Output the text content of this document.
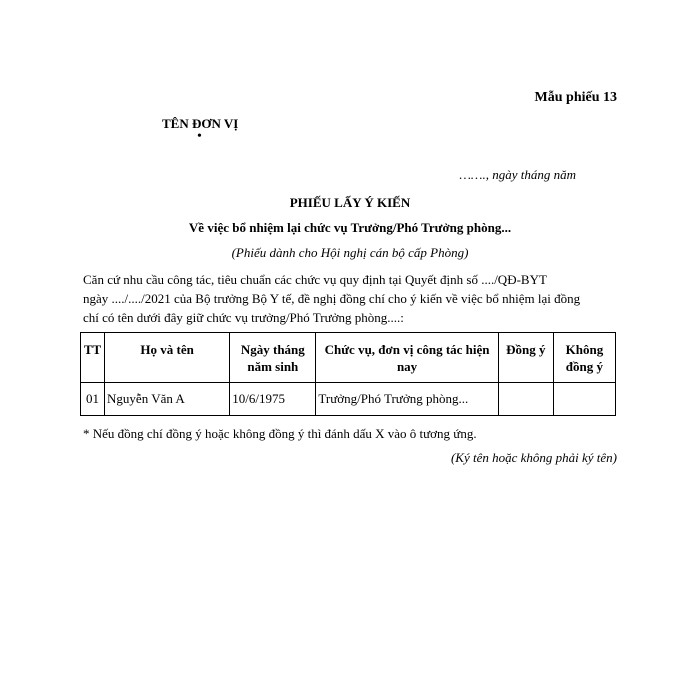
Mẫu phiếu 13
TÊN ĐƠN VỊ
•
……., ngày tháng năm
PHIẾU LẤY Ý KIẾN
Về việc bổ nhiệm lại chức vụ Trưởng/Phó Trưởng phòng...
(Phiếu dành cho Hội nghị cán bộ cấp Phòng)
Căn cứ nhu cầu công tác, tiêu chuẩn các chức vụ quy định tại Quyết định số ..../QĐ-BYT
ngày ..../..../2021 của Bộ trưởng Bộ Y tế, đề nghị đồng chí cho ý kiến về việc bổ nhiệm lại đồng
chí có tên dưới đây giữ chức vụ trưởng/Phó Trưởng phòng....:
TT	Họ và tên	Ngày tháng năm sinh	Chức vụ, đơn vị công tác hiện nay	Đồng ý	Không đồng ý
01	Nguyễn Văn A	10/6/1975	Trưởng/Phó Trưởng phòng...		
* Nếu đồng chí đồng ý hoặc không đồng ý thì đánh dấu X vào ô tương ứng.
(Ký tên hoặc không phải ký tên)
